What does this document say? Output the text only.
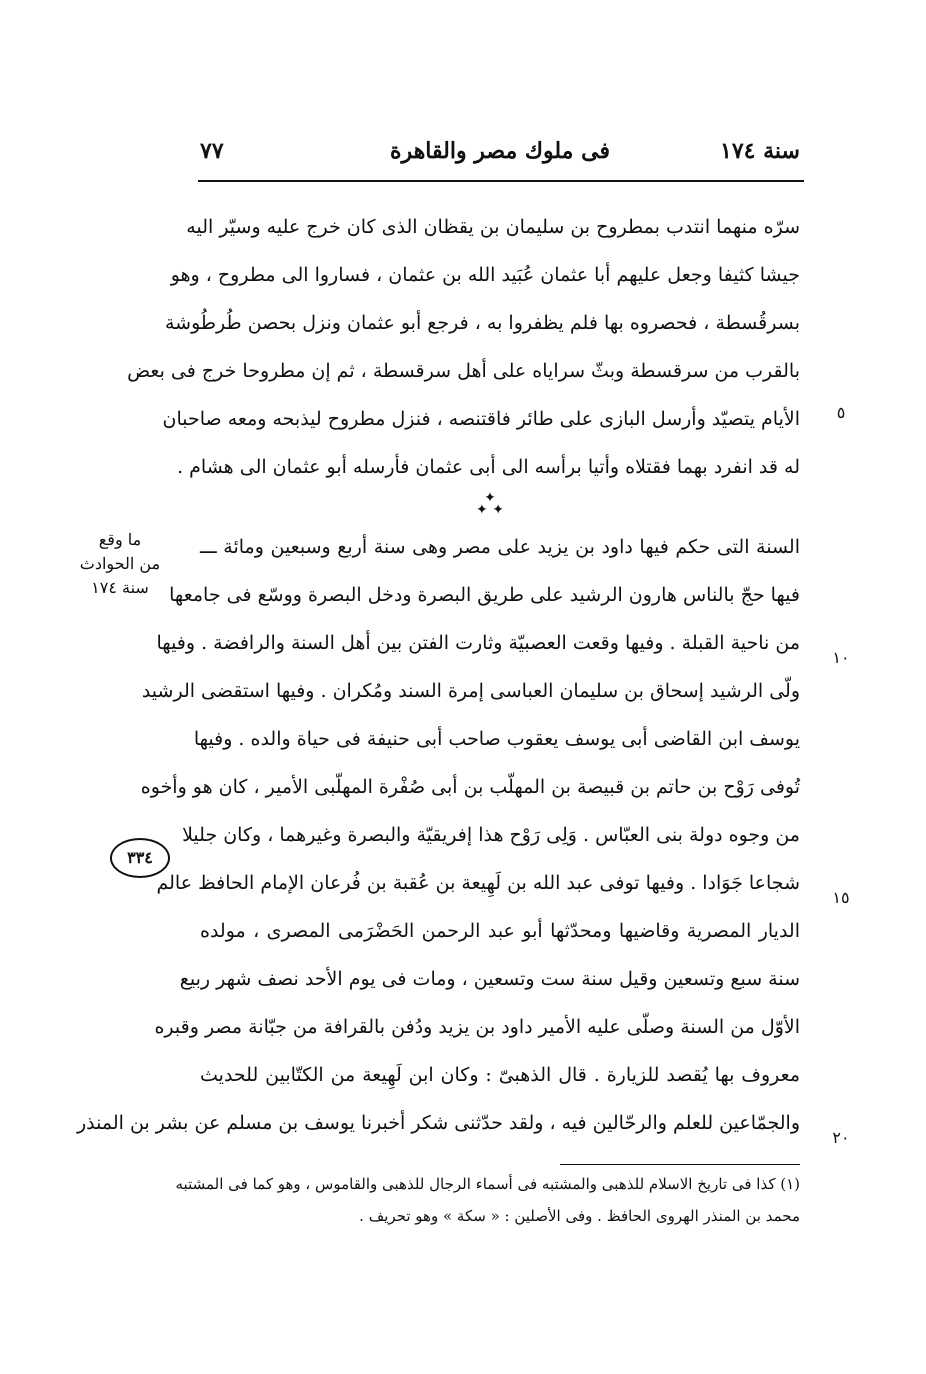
سنة ١٧٤
فى ملوك مصر والقاهرة
٧٧
سرّه منهما انتدب بمطروح بن سليمان بن يقظان الذى كان خرج عليه وسيّر اليه
جيشا كثيفا وجعل عليهم أبا عثمان عُبَيد الله بن عثمان ، فساروا الى مطروح ، وهو
بسرقُسطة ، فحصروه بها فلم يظفروا به ، فرجع أبو عثمان ونزل بحصن طُرطُوشة
بالقرب من سرقسطة وبثّ سراياه على أهل سرقسطة ، ثم إن مطروحا خرج فى بعض
الأيام يتصيّد وأرسل البازى على طائر فاقتنصه ، فنزل مطروح ليذبحه ومعه صاحبان
له قد انفرد بهما فقتلاه وأتيا برأسه الى أبى عثمان فأرسله أبو عثمان الى هشام .
✦
✦ ✦
ما وقع
من الحوادث
سنة ١٧٤
٣٣٤
السنة التى حكم فيها داود بن يزيد على مصر وهى سنة أربع وسبعين ومائة ـــ
فيها حجّ بالناس هارون الرشيد على طريق البصرة ودخل البصرة ووسّع فى جامعها
من ناحية القبلة . وفيها وقعت العصبيّة وثارت الفتن بين أهل السنة والرافضة . وفيها
ولّى الرشيد إسحاق بن سليمان العباسى إمرة السند ومُكران . وفيها استقضى الرشيد
يوسف ابن القاضى أبى يوسف يعقوب صاحب أبى حنيفة فى حياة والده . وفيها
تُوفى رَوْح بن حاتم بن قبيصة بن المهلّب بن أبى صُفْرة المهلّبى الأمير ، كان هو وأخوه
من وجوه دولة بنى العبّاس . وَلِى رَوْح هذا إفريقيّة والبصرة وغيرهما ، وكان جليلا
شجاعا جَوَادا . وفيها توفى عبد الله بن لَهِيعة بن عُقبة بن فُرعان الإمام الحافظ عالم
الديار المصرية وقاضيها ومحدّثها أبو عبد الرحمن الحَضْرَمى المصرى ، مولده
سنة سبع وتسعين وقيل سنة ست وتسعين ، ومات فى يوم الأحد نصف شهر ربيع
الأوّل من السنة وصلّى عليه الأمير داود بن يزيد ودُفن بالقرافة من جبّانة مصر وقبره
معروف بها يُقصد للزيارة . قال الذهبىّ : وكان ابن لَهِيعة من الكتّابين للحديث
والجمّاعين للعلم والرحّالين فيه ، ولقد حدّثنى شكر أخبرنا يوسف بن مسلم عن بشر بن المنذر
٥
١٠
١٥
٢٠
(١) كذا فى تاريخ الاسلام للذهبى والمشتبه فى أسماء الرجال للذهبى والقاموس ، وهو كما فى المشتبه
محمد بن المنذر الهروى الحافظ . وفى الأصلين : « سكة » وهو تحريف .
